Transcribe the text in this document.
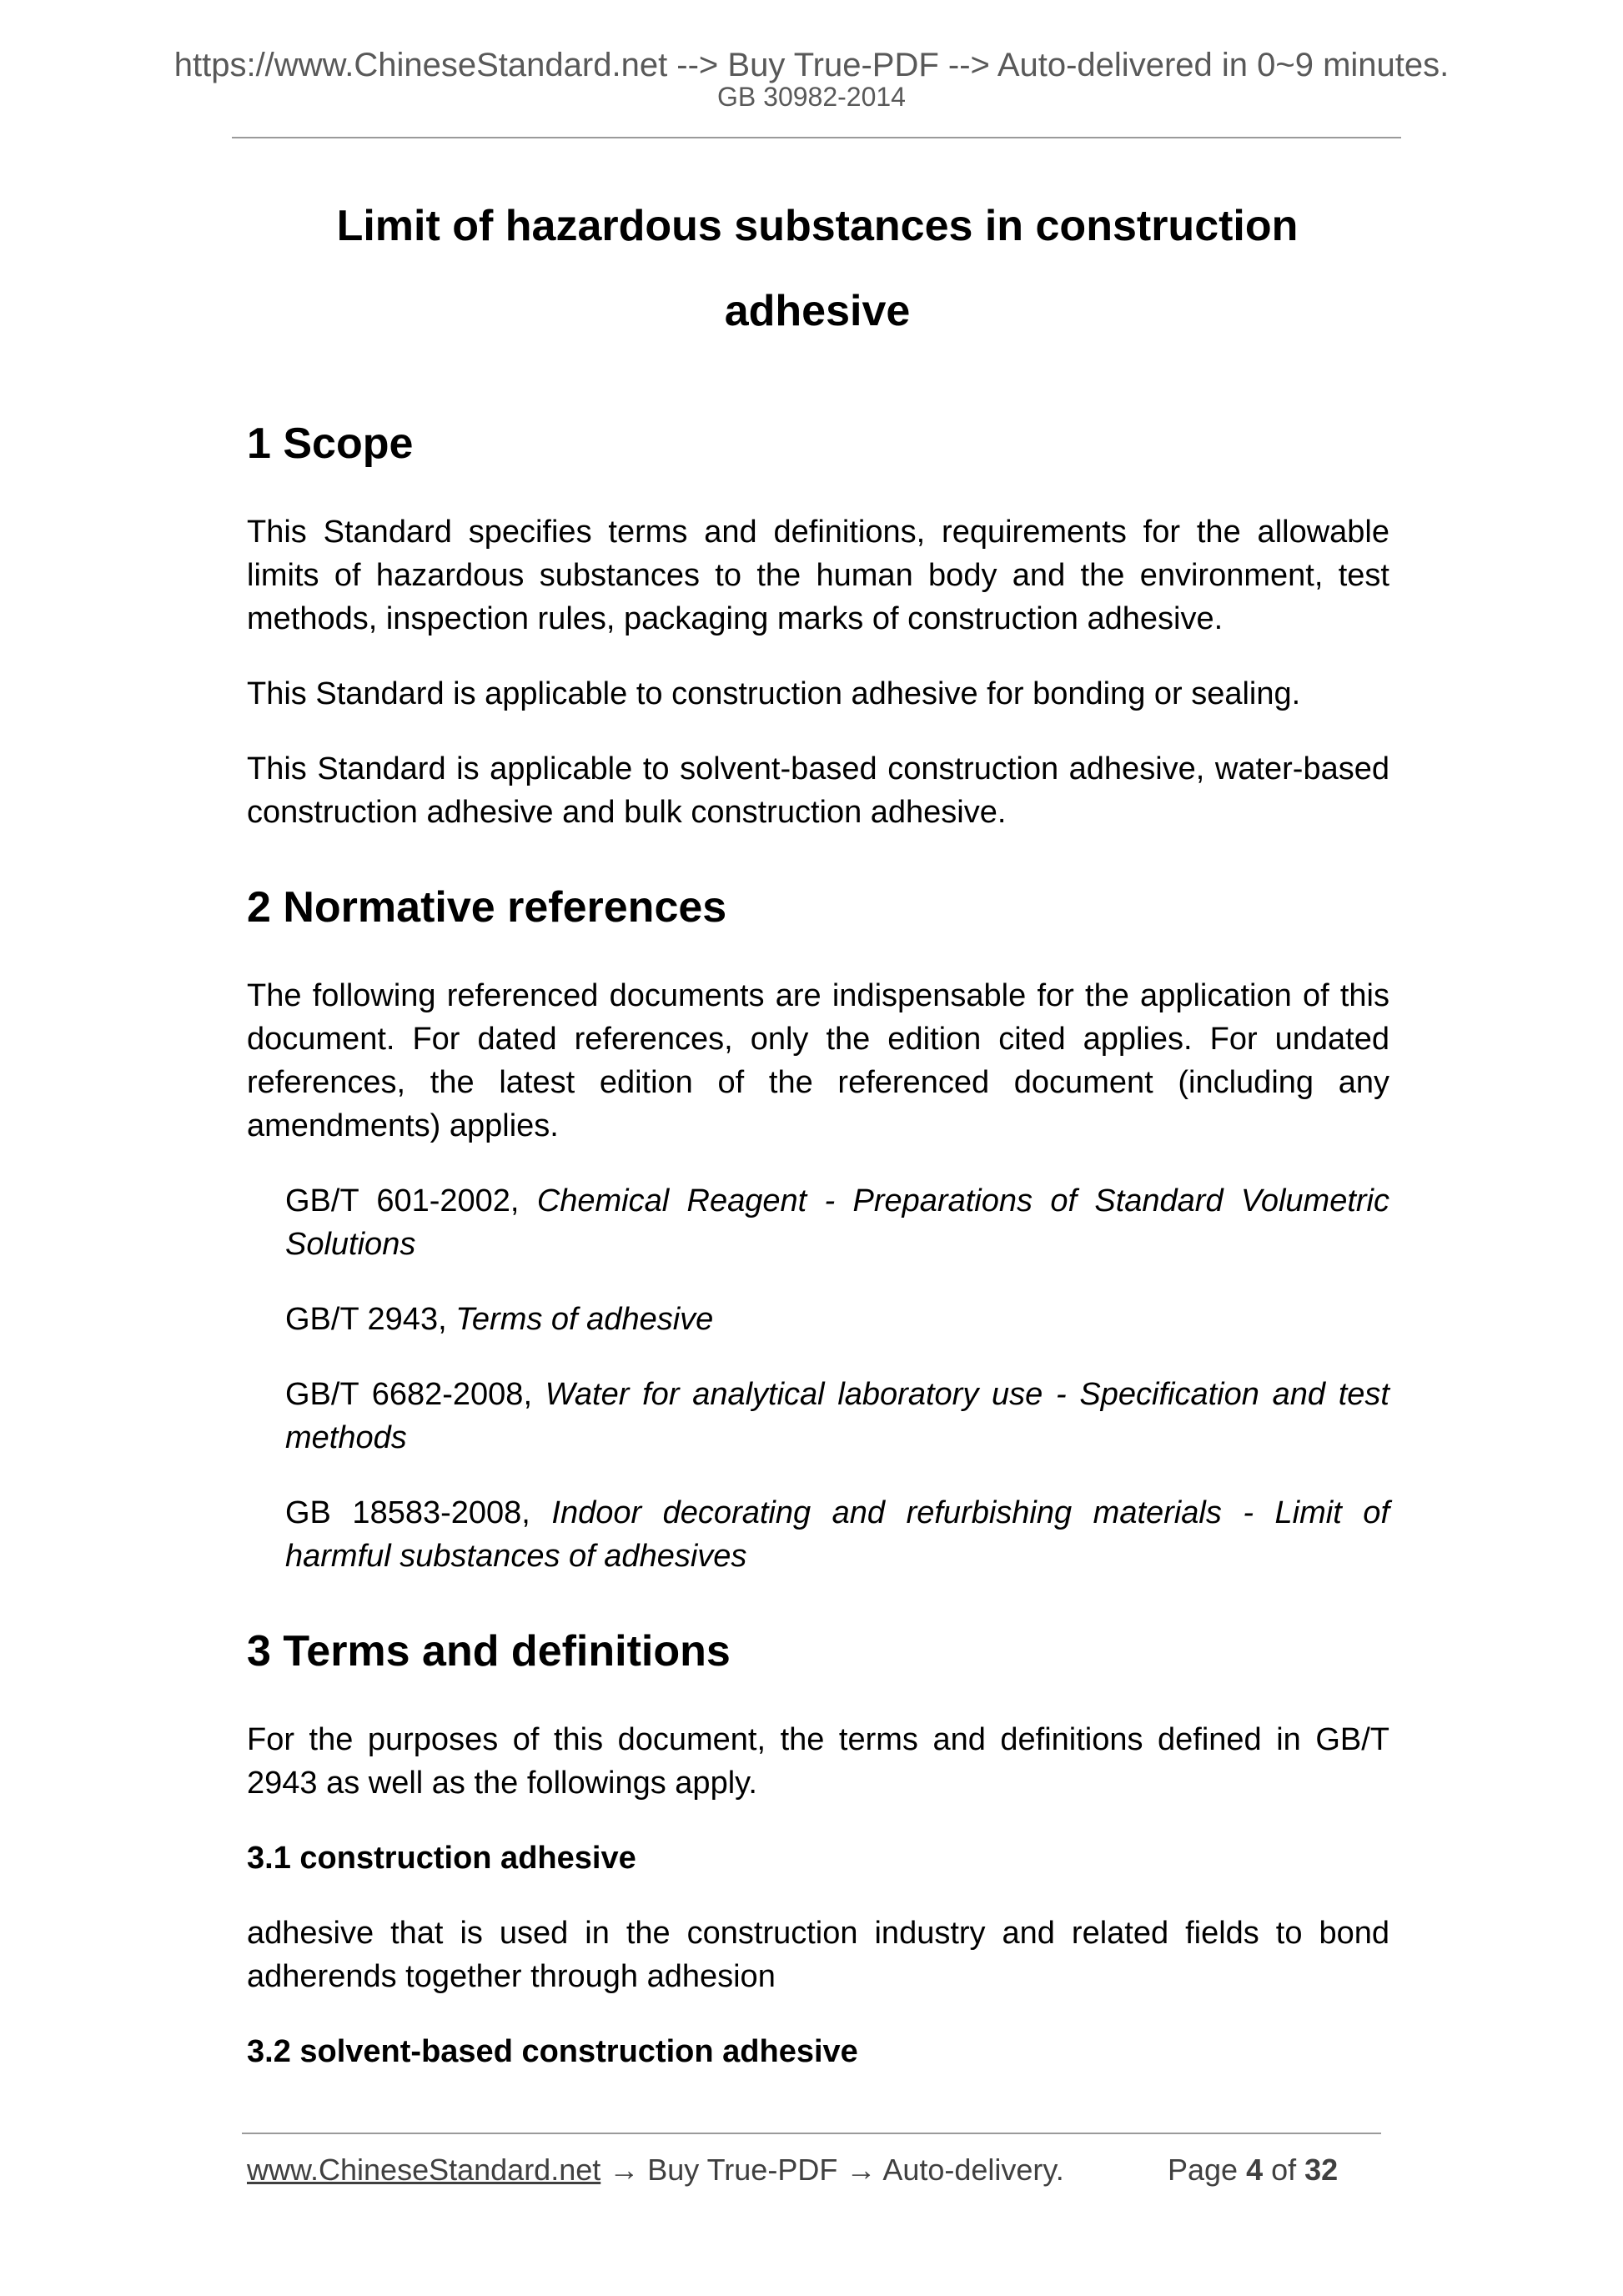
https://www.ChineseStandard.net --> Buy True-PDF --> Auto-delivered in 0~9 minutes.
GB 30982-2014
Limit of hazardous substances in construction
adhesive
1 Scope

This Standard specifies terms and definitions, requirements for the allowable limits of hazardous substances to the human body and the environment, test methods, inspection rules, packaging marks of construction adhesive.

This Standard is applicable to construction adhesive for bonding or sealing.

This Standard is applicable to solvent-based construction adhesive, water-based construction adhesive and bulk construction adhesive.

2 Normative references

The following referenced documents are indispensable for the application of this document. For dated references, only the edition cited applies. For undated references, the latest edition of the referenced document (including any amendments) applies.

GB/T 601-2002, Chemical Reagent - Preparations of Standard Volumetric Solutions
GB/T 2943, Terms of adhesive
GB/T 6682-2008, Water for analytical laboratory use - Specification and test methods
GB 18583-2008, Indoor decorating and refurbishing materials - Limit of harmful substances of adhesives
3 Terms and definitions

For the purposes of this document, the terms and definitions defined in GB/T 2943 as well as the followings apply.

3.1 construction adhesive

adhesive that is used in the construction industry and related fields to bond adherends together through adhesion

3.2 solvent-based construction adhesive
www.ChineseStandard.net → Buy True-PDF → Auto-delivery.	Page 4 of 32
